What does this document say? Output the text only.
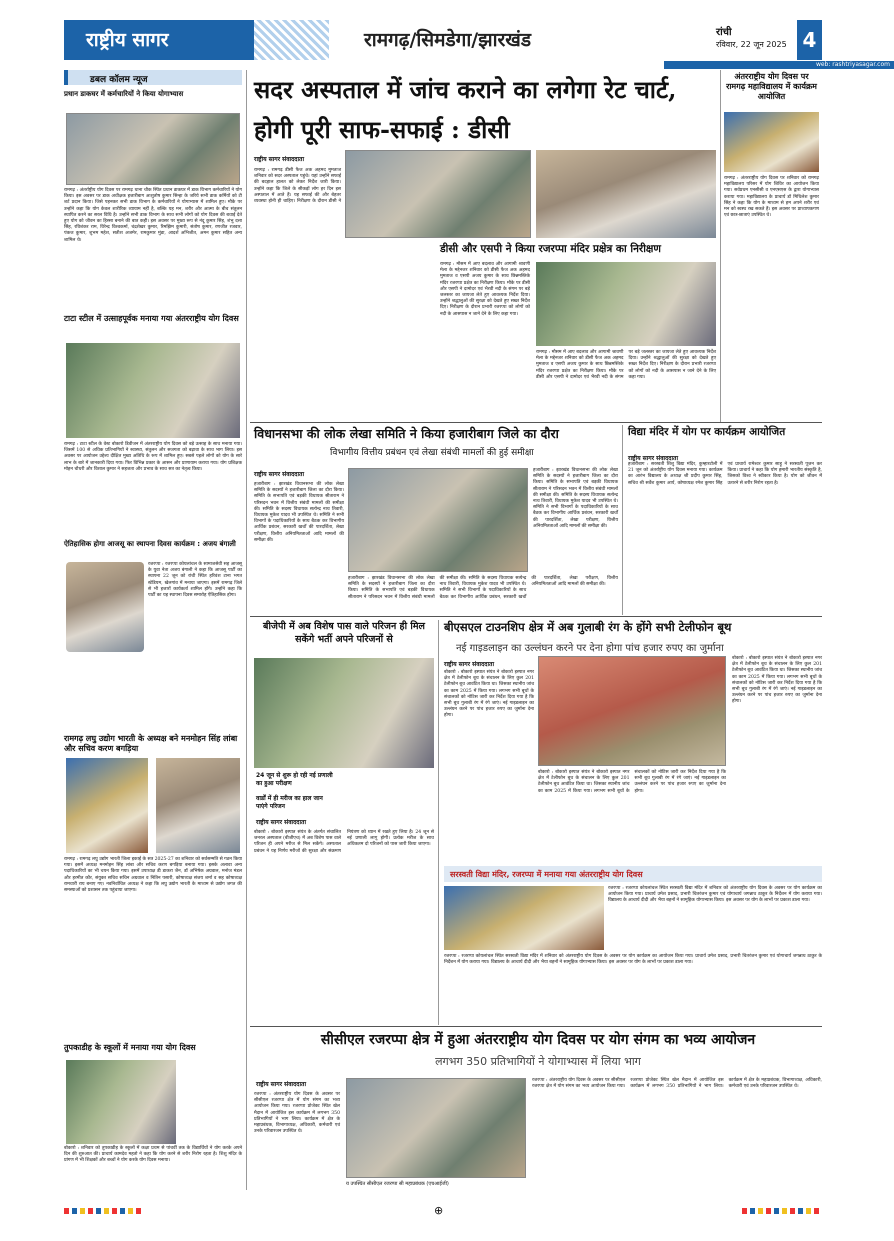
राष्ट्रीय सागर	रामगढ़/सिमडेगा/झारखंड	रांची
रविवार, 22 जून 2025 4
web: rashtriyasagar.com
डबल कॉलम न्यूज
प्रधान डाकघर में कर्मचारियों ने किया योगाभ्यास
रामगढ़ : अंतर्राष्ट्रीय योग दिवस पर रामगढ़ थाना चौक स्थित प्रधान डाकघर में डाक विभाग कर्मचारियों ने योग किया। इस अवसर पर डाक अधीक्षक हजारीबाग आशुतोष कुमार सिन्हा के जरिये सभी डाक कर्मियों को टी शर्ट प्रदान किया। जिसे पहनकर सभी डाक विभाग के कर्मचारियों ने योगाभ्यास में शामिल हुए। मौके पर उन्होंने कहा कि योग केवल शारीरिक व्यायाम नहीं है, बल्कि यह मन, शरीर और आत्मा के बीच संतुलन स्थापित करने का सरल विधि है। उन्होंने सभी डाक विभाग के साथ सभी लोगों को योग दिवस की बधाई देते हुए योग को जीवन का हिस्सा बनाने की बात कही। इस अवसर पर मुख्य रूप से नंदू कुमार सिंह, शंभु दत्ता सिंह, रविशंकर राम, विरेन्द्र विश्वकर्मा, चंद्रशेखर कुमार, रिमझिम कुमारी, संतोष कुमार, रणजीत रजवार, पंकज कुमार, शुभम महेश, सतीश अजमेर, रामकुमार मुंडा, आदर्श अभिजीत, अमन कुमार सहित अन्य शामिल थे।
टाटा स्टील में उत्साहपूर्वक मनाया गया अंतरराष्ट्रीय योग दिवस
रामगढ़ : टाटा स्टील के वेस्ट बोकारो डिवीजन में अंतरराष्ट्रीय योग दिवस को बड़े उत्साह के साथ मनाया गया। जिसमें 100 से अधिक प्रतिभागियों ने स्वास्थ्य, संतुलन और सजगता को बढ़ावा के साथ भाग लिया। इस अवसर पर आयोजन उद्देश्य दीक्षित मुख्य अतिथि के रूप में शामिल हुए। सबसे पहले लोगों को योग के सारे लाभ के बारे में जानकारी दिया गया। फिर विभिन्न प्रकार के आसन और प्राणायाम कराया गया। योग प्रशिक्षक मोहन चौधरी और विशाल कुमार ने सहजता और प्रभाव के साथ सत्र का नेतृत्व किया।
ऐतिहासिक होगा आजसू का स्थापना दिवस कार्यक्रम : अजय बंगाली
रजरप्पा : रजरप्पा कोयलांचल के सामाजसेवी सह आजसू के युवा नेता अजय बंगाली ने कहा कि आजसू पार्टी का स्थापना 22 जून को रांची स्थित हरिवंश टाना भगत स्टेडियम, खेलगांव में मनाया जाएगा। इसमें रामगढ़ जिले से भी हजारों कार्यकर्ता शामिल होंगे। उन्होंने कहा कि पार्टी का यह स्थापना दिवस समारोह ऐतिहासिक होगा।
रामगढ़ लघु उद्योग भारती के अध्यक्ष बने मनमोहन सिंह लांबा और सचिव करण बगड़िया
रामगढ़ : रामगढ़ लघु उद्योग भारती जिला इकाई के सत्र 2025-27 का शनिवार को सर्वसम्मति से गठन किया गया। इसमें अध्यक्ष मनमोहन सिंह लांबा और सचिव करण बगड़िया बनाया गया। इसके अलावा अन्य पदाधिकारियों का भी चयन किया गया। इसमें उपाध्यक्ष डी डाकरा जैन, डॉ अभिषेक अग्रवाल, मनोज मंडल और हरमीत कौर, संयुक्त सचिव सचिन अग्रवाल व नितिन पसारी, कोषाध्यक्ष संजय शर्मा व सह कोषाध्यक्ष रामधारी राय बनाए गए। नवनिर्वाचित अध्यक्ष ने कहा कि लघु उद्योग भारती के माध्यम से उद्योग जगत की समस्याओं को प्रशासन तक पहुंचाया जाएगा।
तुपकाडीह के स्कूलों में मनाया गया योग दिवस
बोकारो : शनिवार को तुपकाडीह के स्कूलों में कक्षा प्रथम से पांचवीं तक के विद्यार्थियों ने योग करके अपने दिन की शुरुआत की। प्राचार्य कामदेव महतो ने कहा कि योग करने से शरीर निरोग रहता है। शिशु मंदिर के प्रांगण में भी शिक्षकों और बच्चों ने योग करके योग दिवस मनाया।
सदर अस्पताल में जांच कराने का लगेगा रेट चार्ट, होगी पूरी साफ-सफाई : डीसी
राष्ट्रीय सागर संवाददाता
रामगढ़ : रामगढ़ डीसी फैज अक अहमद मुमताज शनिवार को सदर अस्पताल पहुंचे। यहां उन्होंने सफाई की बदहाल हालत को लेकर निर्देश जारी किया। उन्होंने कहा कि जिले के सीकड़ों लोग हर दिन इस अस्पताल में आते हैं। यह सफाई की और बेहतर व्यवस्था होनी ही चाहिए। निरीक्षण के दौरान डीसी ने
डीसी और एसपी ने किया रजरप्पा मंदिर प्रक्षेत्र का निरीक्षण
रामगढ़ : मौसम में आए बदलाव और आगामी श्रावणी मेला के मद्देनजर शनिवार को डीसी फैज अक अहमद मुमताज व एसपी अजय कुमार के साथ छिन्नमस्तिके मंदिर रजरप्पा प्रक्षेत्र का निरीक्षण किया। मौके पर डीसी और एसपी ने दामोदर एवं भैरवी नदी के संगम पर बड़े जलस्तर का जायजा लेते हुए आवश्यक निर्देश दिया। उन्होंने श्रद्धालुओं की सुरक्षा को देखते हुए सख्त निर्देश दिए। निरीक्षण के दौरान प्रभारी रजरप्पा को लोगों को नदी के आसपास न जाने देने के लिए कहा गया।
रामगढ़ : मौसम में आए बदलाव और आगामी श्रावणी मेला के मद्देनजर शनिवार को डीसी फैज अक अहमद मुमताज व एसपी अजय कुमार के साथ छिन्नमस्तिके मंदिर रजरप्पा प्रक्षेत्र का निरीक्षण किया। मौके पर डीसी और एसपी ने दामोदर एवं भैरवी नदी के संगम पर बड़े जलस्तर का जायजा लेते हुए आवश्यक निर्देश दिया। उन्होंने श्रद्धालुओं की सुरक्षा को देखते हुए सख्त निर्देश दिए। निरीक्षण के दौरान प्रभारी रजरप्पा को लोगों को नदी के आसपास न जाने देने के लिए कहा गया।
अंतरराष्ट्रीय योग दिवस पर रामगढ़ महाविद्यालय में कार्यक्रम आयोजित
रामगढ़ : अंतरराष्ट्रीय योग दिवस पर शनिवार को रामगढ़ महाविद्यालय परिसर में योग शिविर का आयोजन किया गया। सर्वप्रथम एनसीसी व एनएसएस के द्वारा योगाभ्यास कराया गया। महाविद्यालय के प्राचार्य डॉ मिथिलेश कुमार सिंह ने कहा कि योग के माध्यम से हम अपने शरीर एवं मन को स्वस्थ रख सकते हैं। इस अवसर पर प्राध्यापकगण एवं छात्र-छात्राएं उपस्थित थे।
विधानसभा की लोक लेखा समिति ने किया हजारीबाग जिले का दौरा
विभागीय वित्तीय प्रबंधन एवं लेखा संबंधी मामलों की हुई समीक्षा
राष्ट्रीय सागर संवाददाता
हजारीबाग : झारखंड विधानसभा की लोक लेखा समिति के सदस्यों ने हजारीबाग जिला का दौरा किया। समिति के सभापति एवं बड़की विधायक सीताराम ने परिसदन भवन में वित्तीय संबंधी मामलों की समीक्षा की। समिति के सदस्य विधायक सत्येन्द्र नाथ तिवारी, विधायक मुकेश यादव भी उपस्थित थे। समिति ने सभी विभागों के पदाधिकारियों के साथ बैठक कर विभागीय आर्थिक प्रबंधन, सरकारी खर्चों की पारदर्शिता, लेखा परीक्षण, वित्तीय अनियमितताओं आदि मामलों की समीक्षा की।
हजारीबाग : झारखंड विधानसभा की लोक लेखा समिति के सदस्यों ने हजारीबाग जिला का दौरा किया। समिति के सभापति एवं बड़की विधायक सीताराम ने परिसदन भवन में वित्तीय संबंधी मामलों की समीक्षा की। समिति के सदस्य विधायक सत्येन्द्र नाथ तिवारी, विधायक मुकेश यादव भी उपस्थित थे। समिति ने सभी विभागों के पदाधिकारियों के साथ बैठक कर विभागीय आर्थिक प्रबंधन, सरकारी खर्चों की पारदर्शिता, लेखा परीक्षण, वित्तीय अनियमितताओं आदि मामलों की समीक्षा की।
हजारीबाग : झारखंड विधानसभा की लोक लेखा समिति के सदस्यों ने हजारीबाग जिला का दौरा किया। समिति के सभापति एवं बड़की विधायक सीताराम ने परिसदन भवन में वित्तीय संबंधी मामलों की समीक्षा की। समिति के सदस्य विधायक सत्येन्द्र नाथ तिवारी, विधायक मुकेश यादव भी उपस्थित थे। समिति ने सभी विभागों के पदाधिकारियों के साथ बैठक कर विभागीय आर्थिक प्रबंधन, सरकारी खर्चों की पारदर्शिता, लेखा परीक्षण, वित्तीय अनियमितताओं आदि मामलों की समीक्षा की।
विद्या मंदिर में योग पर कार्यक्रम आयोजित
राष्ट्रीय सागर संवाददाता
हजारीबाग : सरस्वती शिशु विद्या मंदिर, कुम्हारटोली में 21 जून को अंतर्राष्ट्रीय योग दिवस मनाया गया। कार्यक्रम का आरंभ विद्यालय के अध्यक्ष श्री प्रदीप कुमार सिंह, सचिव श्री सर्वेश कुमार आर्य, कोषाध्यक्ष रमेश कुमार सिंह एवं प्राचार्य रामेश्वर कुमार साहू ने सरस्वती पूजन कर किया। प्राचार्य ने कहा कि योग हमारी भारतीय संस्कृति है, जिसको विश्व ने स्वीकार किया है। योग को जीवन में उतारने से शरीर निरोग रहता है।
बीजेपी में अब विशेष पास वाले परिजन ही मिल सकेंगे भर्ती अपने परिजनों से
24 जून से शुरू हो रही नई प्रणाली का हुआ परीक्षण
वार्डों में ही मरीज का हाल जान पाएंगे परिजन
राष्ट्रीय सागर संवाददाता
बोकारो : बोकारो इस्पात संयंत्र के अंतर्गत संचालित जनरल अस्पताल (बीजीएच) में अब विशेष पास वाले परिजन ही अपने मरीज से मिल सकेंगे। अस्पताल प्रबंधन ने यह निर्णय मरीजों की सुरक्षा और संक्रमण नियंत्रण को ध्यान में रखते हुए लिया है। 24 जून से नई प्रणाली लागू होगी। प्रत्येक मरीज के साथ अधिकतम दो परिजनों को पास जारी किया जाएगा।
बीएसएल टाउनशिप क्षेत्र में अब गुलाबी रंग के होंगे सभी टेलीफोन बूथ
नई गाइडलाइन का उल्लंघन करने पर देना होगा पांच हजार रुपए का जुर्माना
राष्ट्रीय सागर संवाददाता
बोकारो : बोकारो इस्पात संयंत्र ने बोकारो इस्पात नगर क्षेत्र में टेलीफोन बूथ के संचालन के लिए कुल 201 टेलीफोन बूथ आवंटित किया था। जिसका स्थानीय जांच का काम 2025 में किया गया। लगभग सभी बूथों के संचालकों को नोटिस जारी कर निर्देश दिया गया है कि सभी बूथ गुलाबी रंग में रंगे जाएं। नई गाइडलाइन का उल्लंघन करने पर पांच हजार रुपए का जुर्माना देना होगा।
बोकारो : बोकारो इस्पात संयंत्र ने बोकारो इस्पात नगर क्षेत्र में टेलीफोन बूथ के संचालन के लिए कुल 201 टेलीफोन बूथ आवंटित किया था। जिसका स्थानीय जांच का काम 2025 में किया गया। लगभग सभी बूथों के संचालकों को नोटिस जारी कर निर्देश दिया गया है कि सभी बूथ गुलाबी रंग में रंगे जाएं। नई गाइडलाइन का उल्लंघन करने पर पांच हजार रुपए का जुर्माना देना होगा।
बोकारो : बोकारो इस्पात संयंत्र ने बोकारो इस्पात नगर क्षेत्र में टेलीफोन बूथ के संचालन के लिए कुल 201 टेलीफोन बूथ आवंटित किया था। जिसका स्थानीय जांच का काम 2025 में किया गया। लगभग सभी बूथों के संचालकों को नोटिस जारी कर निर्देश दिया गया है कि सभी बूथ गुलाबी रंग में रंगे जाएं। नई गाइडलाइन का उल्लंघन करने पर पांच हजार रुपए का जुर्माना देना होगा।
सरस्वती विद्या मंदिर, रजरप्पा में मनाया गया अंतरराष्ट्रीय योग दिवस
रजरप्पा : रजरप्पा कोयलांचल स्थित सरस्वती विद्या मंदिर में शनिवार को अंतरराष्ट्रीय योग दिवस के अवसर पर योग कार्यक्रम का आयोजन किया गया। प्राचार्य उमेश प्रसाद, प्रभारी चितरंजन कुमार एवं योगाचार्य जगन्नाथ ठाकुर के निर्देशन में योग कराया गया। विद्यालय के आचार्य दीदी और भैया बहनों ने सामूहिक योगाभ्यास किया। इस अवसर पर योग के लाभों पर प्रकाश डाला गया।
रजरप्पा : रजरप्पा कोयलांचल स्थित सरस्वती विद्या मंदिर में शनिवार को अंतरराष्ट्रीय योग दिवस के अवसर पर योग कार्यक्रम का आयोजन किया गया। प्राचार्य उमेश प्रसाद, प्रभारी चितरंजन कुमार एवं योगाचार्य जगन्नाथ ठाकुर के निर्देशन में योग कराया गया। विद्यालय के आचार्य दीदी और भैया बहनों ने सामूहिक योगाभ्यास किया। इस अवसर पर योग के लाभों पर प्रकाश डाला गया।
सीसीएल रजरप्पा क्षेत्र में हुआ अंतरराष्ट्रीय योग दिवस पर योग संगम का भव्य आयोजन
लगभग 350 प्रतिभागियों ने योगाभ्यास में लिया भाग
राष्ट्रीय सागर संवाददाता
रजरप्पा : अंतरराष्ट्रीय योग दिवस के अवसर पर सीसीएल रजरप्पा क्षेत्र में योग संगम का भव्य आयोजन किया गया। रजरप्पा प्रोजेक्ट स्थित खेल मैदान में आयोजित इस कार्यक्रम में लगभग 350 प्रतिभागियों ने भाग लिया। कार्यक्रम में क्षेत्र के महाप्रबंधक, विभागाध्यक्ष, अधिकारी, कर्मचारी एवं उनके परिवारजन उपस्थित थे।
य उपस्थित सीसीएल रजरप्पा सी महाप्रबंधक (एचआईजी)
रजरप्पा : अंतरराष्ट्रीय योग दिवस के अवसर पर सीसीएल रजरप्पा क्षेत्र में योग संगम का भव्य आयोजन किया गया। रजरप्पा प्रोजेक्ट स्थित खेल मैदान में आयोजित इस कार्यक्रम में लगभग 350 प्रतिभागियों ने भाग लिया। कार्यक्रम में क्षेत्र के महाप्रबंधक, विभागाध्यक्ष, अधिकारी, कर्मचारी एवं उनके परिवारजन उपस्थित थे।
⊕
